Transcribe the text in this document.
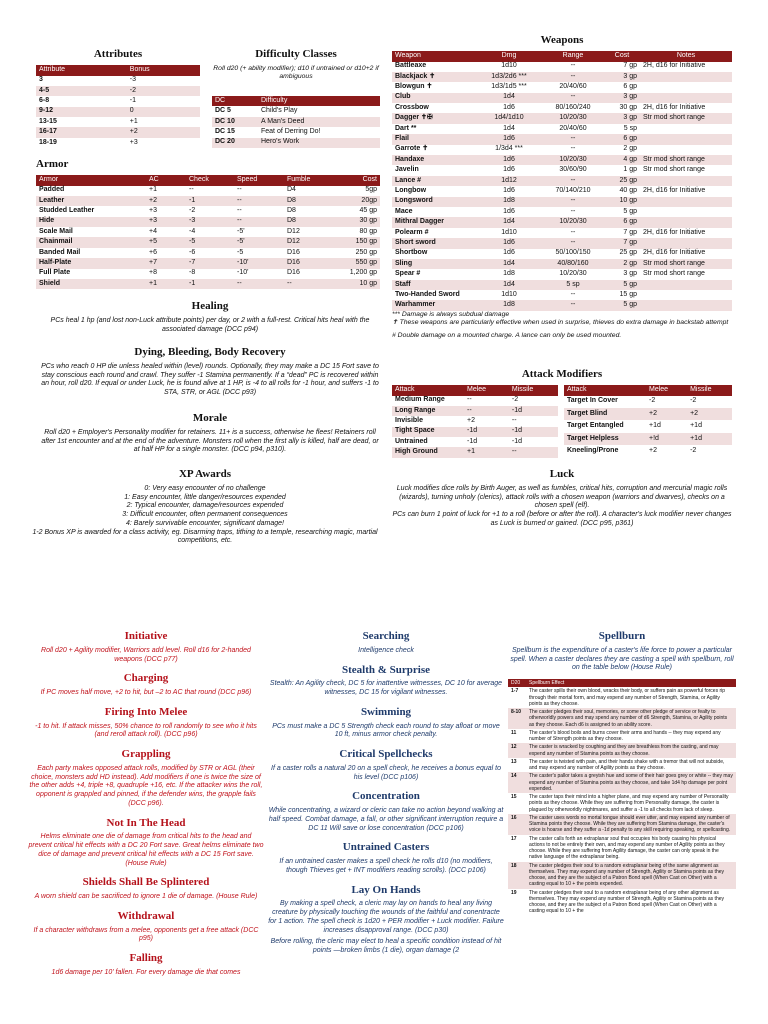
Attributes
Attribute	Bonus
3	-3
4-5	-2
6-8	-1
9-12	0
13-15	+1
16-17	+2
18-19	+3
Difficulty Classes
Roll d20 (+ ability modifier); d10 if untrained or d10+2 if ambiguous
DC	Difficulty
DC 5	Child's Play
DC 10	A Man's Deed
DC 15	Feat of Derring Do!
DC 20	Hero's Work
Armor
Armor	AC	Check	Speed	Fumble	Cost
Padded	+1	--	--	D4	5gp
Leather	+2	-1	--	D8	20gp
Studded Leather	+3	-2	--	D8	45 gp
Hide	+3	-3	--	D8	30 gp
Scale Mail	+4	-4	-5'	D12	80 gp
Chainmail	+5	-5	-5'	D12	150 gp
Banded Mail	+6	-6	-5	D16	250 gp
Half-Plate	+7	-7	-10'	D16	550 gp
Full Plate	+8	-8	-10'	D16	1,200 gp
Shield	+1	-1	--	--	10 gp
Healing
PCs heal 1 hp (and lost non-Luck attribute points) per day, or 2 with a full-rest. Critical hits heal with the associated damage (DCC p94)
Dying, Bleeding, Body Recovery
PCs who reach 0 HP die unless healed within (level) rounds. Optionally, they may make a DC 15 Fort save to stay conscious each round and crawl. They suffer -1 Stamina permanently. If a “dead” PC is recovered within an hour, roll d20. If equal or under Luck, he is found alive at 1 HP, is -4 to all rolls for -1 hour, and suffers -1 to STA, STR, or AGL (DCC p93)
Morale
Roll d20 + Employer's Personality modifier for retainers. 11+ is a success, otherwise he flees! Retainers roll after 1st encounter and at the end of the adventure. Monsters roll when the first ally is killed, half are dead, or at half HP for a single monster. (DCC p94, p310).
XP Awards
0: Very easy encounter of no challenge
1: Easy encounter, little danger/resources expended
2: Typical encounter, damage/resources expended
3: Difficult encounter, often permanent consequences
4: Barely survivable encounter, significant damage!
1-2 Bonus XP is awarded for a class activity, eg. Disarming traps, tithing to a temple, researching magic, martial competitions, etc.
Weapons
Weapon	Dmg	Range	Cost	Notes
Battleaxe	1d10	--	7 gp	2H, d16 for Initiative
Blackjack ✝	1d3/2d6 ***	--	3 gp	
Blowgun ✝	1d3/1d5 ***	20/40/60	6 gp	
Club	1d4	--	3 gp	
Crossbow	1d6	80/160/240	30 gp	2H, d16 for Initiative
Dagger ✝✠	1d4/1d10	10/20/30	3 gp	Str mod short range
Dart **	1d4	20/40/60	5 sp	
Flail	1d6	--	6 gp	
Garrote ✝	1/3d4 ***	--	2 gp	
Handaxe	1d6	10/20/30	4 gp	Str mod short range
Javelin	1d6	30/60/90	1 gp	Str mod short range
Lance #	1d12	--	25 gp	
Longbow	1d6	70/140/210	40 gp	2H, d16 for Initiative
Longsword	1d8	--	10 gp	
Mace	1d6	--	5 gp	
Mithral Dagger	1d4	10/20/30	6 gp	
Polearm #	1d10	--	7 gp	2H, d16 for Initiative
Short sword	1d6	--	7 gp	
Shortbow	1d6	50/100/150	25 gp	2H, d16 for Initiative
Sling	1d4	40/80/160	2 gp	Str mod short range
Spear #	1d8	10/20/30	3 gp	Str mod short range
Staff	1d4	5 sp	5 gp	
Two-Handed Sword	1d10	--	15 gp	
Warhammer	1d8	--	5 gp	
*** Damage is always subdual damage
✝ These weapons are particularly effective when used in surprise, thieves do extra damage in backstab attempt
# Double damage on a mounted charge. A lance can only be used mounted.
Attack Modifiers
Attack	Melee	Missile
Medium Range	--	-2
Long Range	--	-1d
Invisible	+2	--
Tight Space	-1d	-1d
Untrained	-1d	-1d
High Ground	+1	--
Attack	Melee	Missile
Target In Cover	-2	-2
Target Blind	+2	+2
Target Entangled	+1d	+1d
Target Helpless	+!d	+1d
Kneeling/Prone	+2	-2
Luck
Luck modifies dice rolls by Birth Auger, as well as fumbles, critical hits, corruption and mercurial magic rolls (wizards), turning unholy (clerics), attack rolls with a chosen weapon (warriors and dwarves), checks on a chosen spell (elf).
PCs can burn 1 point of luck for +1 to a roll (before or after the roll). A character's luck modifier never changes as Luck is burned or gained. (DCC p95, p361)
Initiative
Roll d20 + Agility modifier, Warriors add level. Roll d16 for 2-handed weapons (DCC p77)
Charging
If PC moves half move, +2 to hit, but –2 to AC that round (DCC p96)
Firing Into Melee
-1 to hit. If attack misses, 50% chance to roll randomly to see who it hits (and reroll attack roll). (DCC p96)
Grappling
Each party makes opposed attack rolls, modified by STR or AGL (their choice, monsters add HD instead). Add modifiers if one is twice the size of the other adds +4, triple +8, quadruple +16, etc. If the attacker wins the roll, opponent is grappled and pinned, if the defender wins, the grapple fails (DCC p96).
Not In The Head
Helms eliminate one die of damage from critical hits to the head and prevent critical hit effects with a DC 20 Fort save. Great helms eliminate two dice of damage and prevent critical hit effects with a DC 15 Fort save. (House Rule)
Shields Shall Be Splintered
A worn shield can be sacrificed to ignore 1 die of damage. (House Rule)
Withdrawal
If a character withdraws from a melee, opponents get a free attack (DCC p95)
Falling
1d6 damage per 10' fallen. For every damage die that comes
Searching
Intelligence check
Stealth & Surprise
Stealth: An Agility check, DC 5 for inattentive witnesses, DC 10 for average witnesses, DC 15 for vigilant witnesses.
Swimming
PCs must make a DC 5 Strength check each round to stay afloat or move 10 ft, minus armor check penalty.
Critical Spellchecks
If a caster rolls a natural 20 on a spell check, he receives a bonus equal to his level (DCC p106)
Concentration
While concentrating, a wizard or cleric can take no action beyond walking at half speed. Combat damage, a fall, or other significant interruption require a DC 11 Will save or lose concentration (DCC p106)
Untrained Casters
If an untrained caster makes a spell check he rolls d10 (no modifiers, though Thieves get + INT modifiers reading scrolls). (DCC p106)
Lay On Hands
By making a spell check, a cleric may lay on hands to heal any living creature by physically touching the wounds of the faithful and conentracte for 1 action. The spell check is 1d20 + PER modifier + Luck modifier. Failure increases disapproval range. (DCC p30)
Before rolling, the cleric may elect to heal a specific condition instead of hit points —broken limbs (1 die), organ damage (2
Spellburn
Spellburn is the expenditure of a caster's life force to power a particular spell. When a caster declares they are casting a spell with spellburn, roll on the table below (House Rule)
D20	Spellburn Effect
1-7	The caster spills their own blood, wracks their body, or suffers pain as powerful forces rip through their mortal form, and may expend any number of Strength, Stamina, or Agility points as they choose.
8-10	The caster pledges their soul, memories, or some other pledge of service or fealty to otherworldly powers and may spend any number of d6 Strength, Stamina, or Agility points as they choose. Each d6 is assigned to an ability score.
11	The caster's blood boils and burns cover their arms and hands -- they may expend any number of Strength points as they choose.
12	The caster is wracked by coughing and they are breathless from the casting, and may expend any number of Stamina points as they choose.
13	The caster is twisted with pain, and their hands shake with a tremor that will not subside, and may expend any number of Agility points as they choose.
14	The caster's pallor takes a greyish hue and some of their hair goes grey or white -- they may expend any number of Stamina points as they choose, and take 1d4 hp damage per point expended.
15	The caster taps their mind into a higher plane, and may expend any number of Personality points as they choose. While they are suffering from Personality damage, the caster is plagued by otherworldly nightmares, and suffer a -1 to all checks from lack of sleep.
16	The caster uses words no mortal tongue should ever utter, and may expend any number of Stamina points they choose. While they are suffering from Stamina damage, the caster's voice is hoarse and they suffer a -1d penalty to any skill requiring speaking, or spellcasting.
17	The caster calls forth an extraplanar soul that occupies his body causing his physical actions to not be entirely their own, and may expend any number of Agility points as they choose. While they are suffering from Agility damage, the caster can only speak in the native language of the extraplanar being.
18	The caster pledges their soul to a random extraplanar being of the same alignment as themselves. They may expend any number of Strength, Agility or Stamina points as they choose, and they are the subject of a Patron Bond spell (When Cast on Other) with a casting equal to 10 + the points expended.
19	The caster pledges their soul to a random extraplanar being of any other alignment as themselves. They may expend any number of Strength, Agility or Stamina points as they choose, and they are the subject of a Patron Bond spell (When Cast on Other) with a casting equal to 10 + the
